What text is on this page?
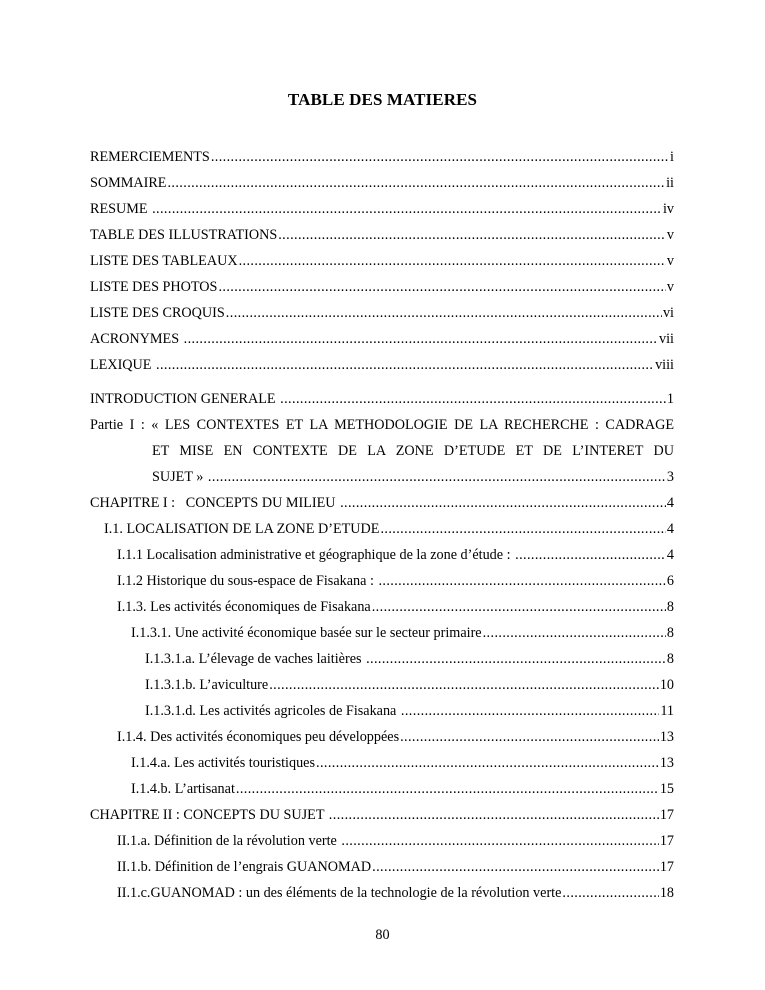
TABLE DES MATIERES
REMERCIEMENTS .....	i
SOMMAIRE .....	ii
RESUME .....	iv
TABLE DES ILLUSTRATIONS .....	v
LISTE DES TABLEAUX .....	v
LISTE DES PHOTOS .....	v
LISTE DES CROQUIS .....	vi
ACRONYMES .....	vii
LEXIQUE .....	viii
INTRODUCTION GENERALE .....	1
Partie I : « LES CONTEXTES ET LA METHODOLOGIE DE LA RECHERCHE : CADRAGE
ET MISE EN CONTEXTE DE LA ZONE D’ETUDE ET DE L’INTERET DU
SUJET » .....	3
CHAPITRE I :   CONCEPTS DU MILIEU .....	4
I.1. LOCALISATION DE LA ZONE D’ETUDE .....	4
I.1.1 Localisation administrative et géographique de la zone d’étude : .....	4
I.1.2 Historique du sous-espace de Fisakana : .....	6
I.1.3. Les activités économiques de Fisakana .....	8
I.1.3.1. Une activité économique basée sur le secteur primaire .....	8
I.1.3.1.a. L’élevage de vaches laitières .....	8
I.1.3.1.b. L’aviculture .....	10
I.1.3.1.d. Les activités agricoles de Fisakana .....	11
I.1.4. Des activités économiques peu développées .....	13
I.1.4.a. Les activités touristiques .....	13
I.1.4.b. L’artisanat .....	15
CHAPITRE II : CONCEPTS DU SUJET .....	17
II.1.a. Définition de la révolution verte .....	17
II.1.b. Définition de l’engrais GUANOMAD .....	17
II.1.c.GUANOMAD : un des éléments de la technologie de la révolution verte .....	18
80
